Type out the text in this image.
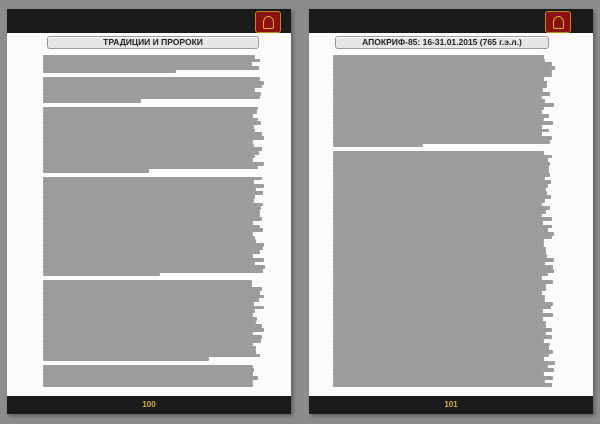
ТРАДИЦИИ И ПРОРОКИ
100
АПОКРИФ-85: 16-31.01.2015 (765 г.э.л.)
101
